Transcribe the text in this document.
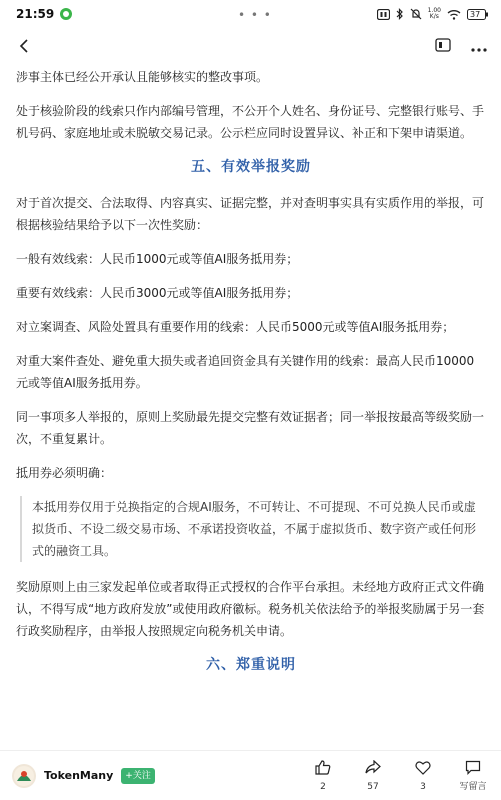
21:59	• • •	1.00
K/s	37

涉事主体已经公开承认且能够核实的整改事项。

处于核验阶段的线索只作内部编号管理，不公开个人姓名、身份证号、完整银行账号、手机号码、家庭地址或未脱敏交易记录。公示栏应同时设置异议、补正和下架申请渠道。

五、有效举报奖励

对于首次提交、合法取得、内容真实、证据完整，并对查明事实具有实质作用的举报，可根据核验结果给予以下一次性奖励：

一般有效线索：人民币1000元或等值AI服务抵用券；

重要有效线索：人民币3000元或等值AI服务抵用券；

对立案调查、风险处置具有重要作用的线索：人民币5000元或等值AI服务抵用券；

对重大案件查处、避免重大损失或者追回资金具有关键作用的线索：最高人民币10000元或等值AI服务抵用券。

同一事项多人举报的，原则上奖励最先提交完整有效证据者；同一举报按最高等级奖励一次，不重复累计。

抵用券必须明确：

本抵用券仅用于兑换指定的合规AI服务，不可转让、不可提现、不可兑换人民币或虚拟货币、不设二级交易市场、不承诺投资收益，不属于虚拟货币、数字资产或任何形式的融资工具。

奖励原则上由三家发起单位或者取得正式授权的合作平台承担。未经地方政府正式文件确认，不得写成“地方政府发放”或使用政府徽标。税务机关依法给予的举报奖励属于另一套行政奖励程序，由举报人按照规定向税务机关申请。

六、郑重说明
TokenMany	+关注
2	57	3	写留言
